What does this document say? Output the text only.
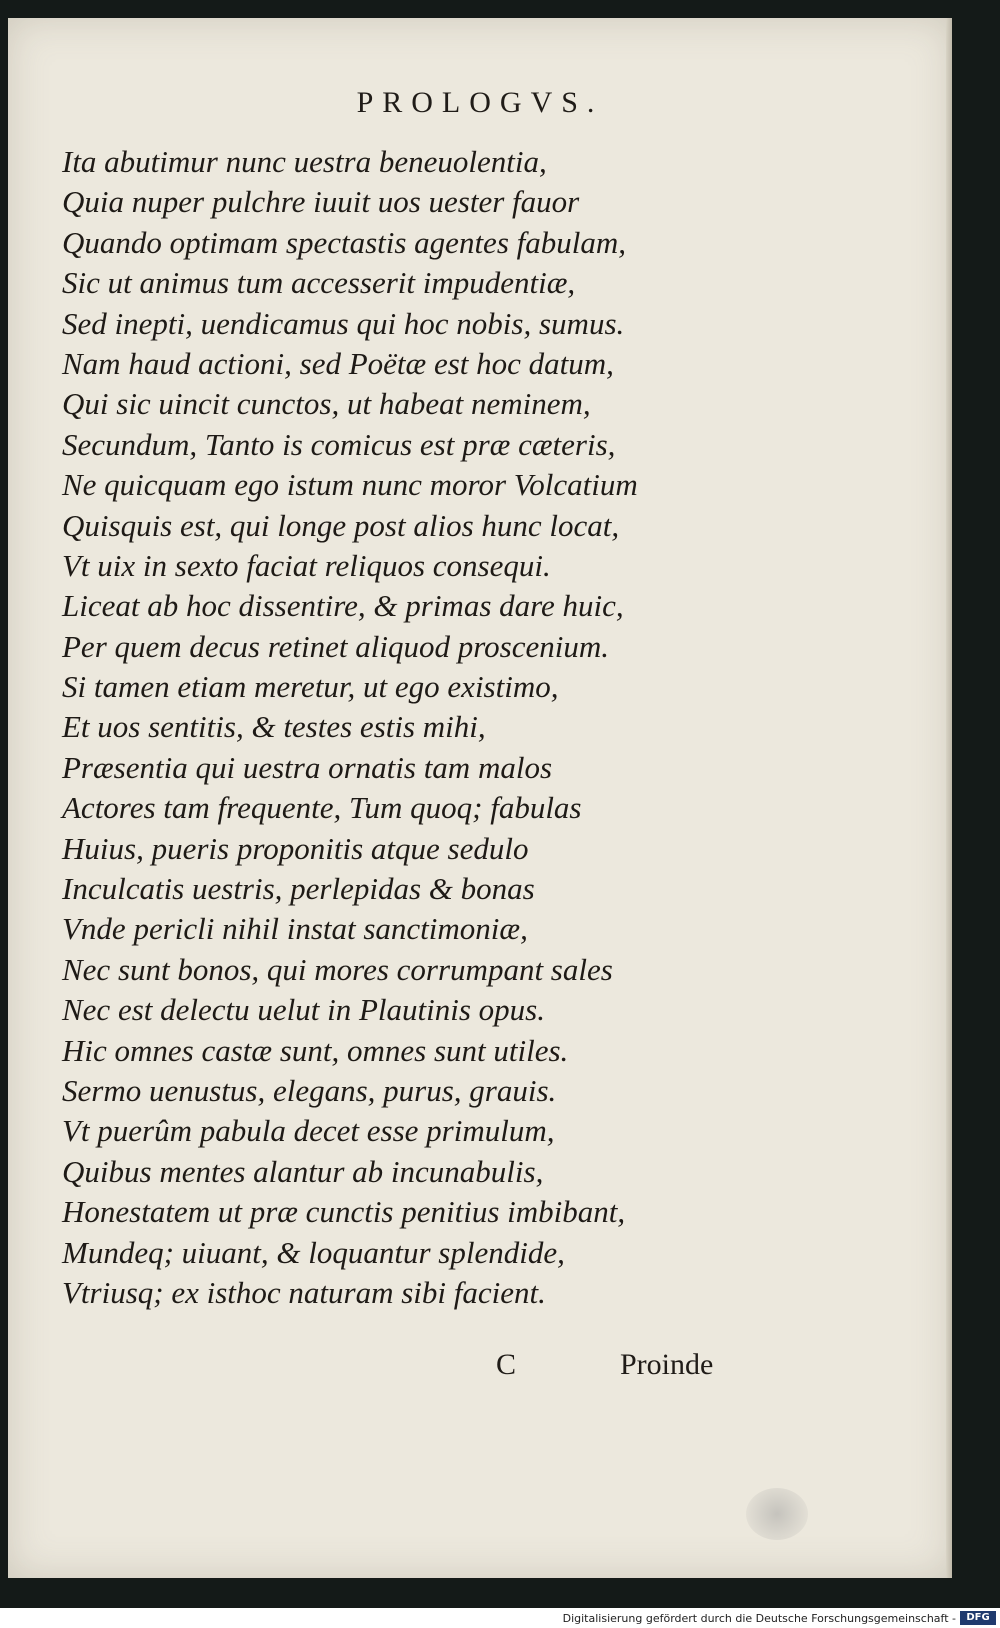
PROLOGVS.
Ita abutimur nunc uestra beneuolentia,
Quia nuper pulchre iuuit uos uester fauor
Quando optimam spectastis agentes fabulam,
Sic ut animus tum accesserit impudentiæ,
Sed inepti, uendicamus qui hoc nobis, sumus.
Nam haud actioni, sed Poëtæ est hoc datum,
Qui sic uincit cunctos, ut habeat neminem,
Secundum, Tanto is comicus est præ cæteris,
Ne quicquam ego istum nunc moror Volcatium
Quisquis est, qui longe post alios hunc locat,
Vt uix in sexto faciat reliquos consequi.
Liceat ab hoc dissentire, & primas dare huic,
Per quem decus retinet aliquod proscenium.
Si tamen etiam meretur, ut ego existimo,
Et uos sentitis, & testes estis mihi,
Præsentia qui uestra ornatis tam malos
Actores tam frequente, Tum quoq; fabulas
Huius, pueris proponitis atque sedulo
Inculcatis uestris, perlepidas & bonas
Vnde pericli nihil instat sanctimoniæ,
Nec sunt bonos, qui mores corrumpant sales
Nec est delectu uelut in Plautinis opus.
Hic omnes castæ sunt, omnes sunt utiles.
Sermo uenustus, elegans, purus, grauis.
Vt puerûm pabula decet esse primulum,
Quibus mentes alantur ab incunabulis,
Honestatem ut præ cunctis penitius imbibant,
Mundeq; uiuant, & loquantur splendide,
Vtriusq; ex isthoc naturam sibi facient.
C	Proinde
Digitalisierung gefördert durch die Deutsche Forschungsgemeinschaft -	DFG
